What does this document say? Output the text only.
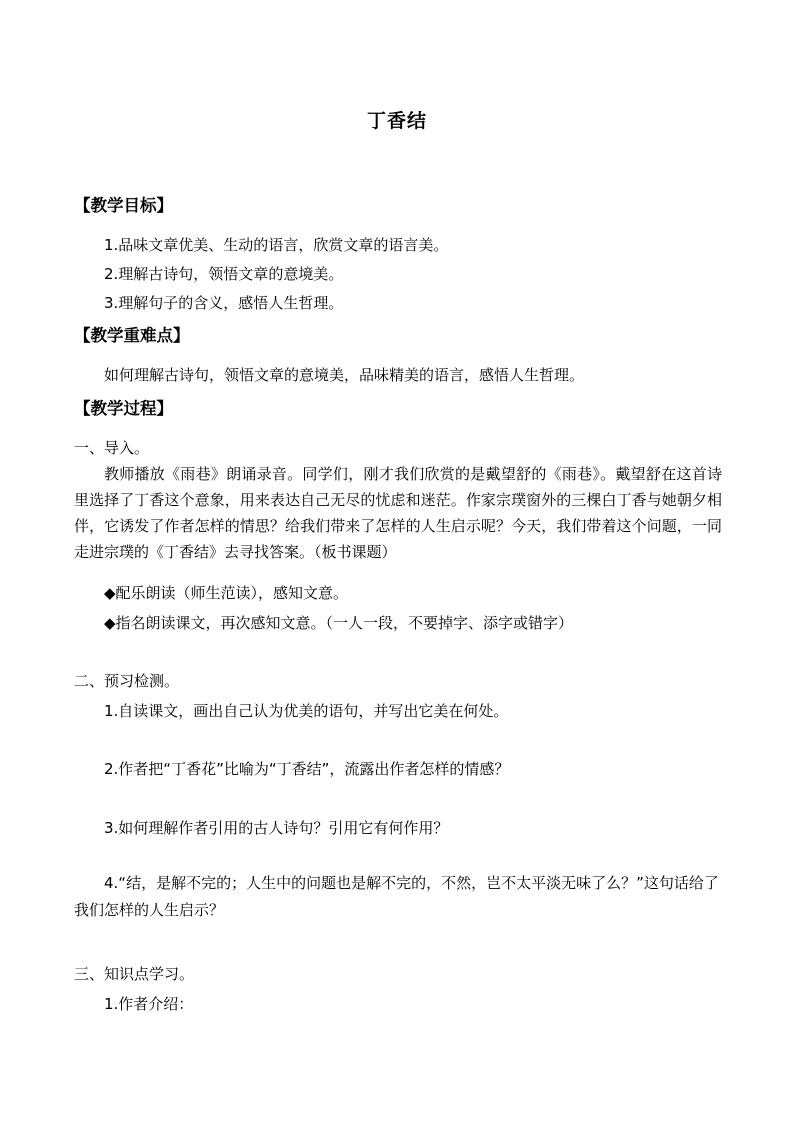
丁香结
【教学目标】
1.品味文章优美、生动的语言，欣赏文章的语言美。
2.理解古诗句，领悟文章的意境美。
3.理解句子的含义，感悟人生哲理。
【教学重难点】
如何理解古诗句，领悟文章的意境美，品味精美的语言，感悟人生哲理。
【教学过程】
一、导入。
教师播放《雨巷》朗诵录音。同学们，刚才我们欣赏的是戴望舒的《雨巷》。戴望舒在这首诗里选择了丁香这个意象，用来表达自己无尽的忧虑和迷茫。作家宗璞窗外的三棵白丁香与她朝夕相伴，它诱发了作者怎样的情思？给我们带来了怎样的人生启示呢？今天，我们带着这个问题，一同走进宗璞的《丁香结》去寻找答案。（板书课题）
◆配乐朗读（师生范读），感知文意。
◆指名朗读课文，再次感知文意。（一人一段，不要掉字、添字或错字）
二、预习检测。
1.自读课文，画出自己认为优美的语句，并写出它美在何处。
2.作者把“丁香花”比喻为“丁香结”，流露出作者怎样的情感？
3.如何理解作者引用的古人诗句？引用它有何作用？
4.“结，是解不完的；人生中的问题也是解不完的，不然，岂不太平淡无味了么？”这句话给了我们怎样的人生启示？
三、知识点学习。
1.作者介绍：
